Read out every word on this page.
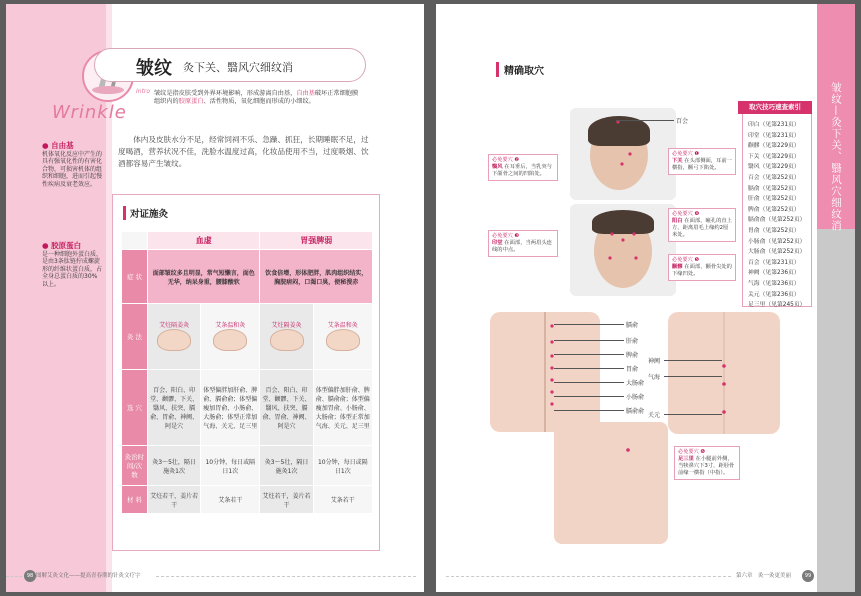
皱纹 灸下关、翳风穴细纹消
Wrinkle
Intro 皱纹是指皮肤受到外界环境影响，形成游离自由基，自由基破坏正常细胞膜组织内的胶原蛋白、活性物质，氧化细胞而形成的小细纹。
● 自由基
机体氧化反应中产生的具有强氧化性的有害化合物，可损害机体的组织和细胞，进而引起慢性疾病及衰老效应。
● 胶原蛋白
是一种细胞外蛋白质，是由3条肽链拧成螺旋形的纤维状蛋白质，占全身总蛋白质的30%以上。
体内及皮肤水分不足，经常饲祠不乐、急躁、抓狂，长期睡眠不足，过度喝酒，营养状况不佳，洗脸水温度过高，化妆品使用不当，过度吸烟、饮酒都容易产生皱纹。
对证施灸
	血虚		胃强脾弱	
症 状	面部皱纹多且明显，常气短懒言，面色无华，纳呆身重，腰膝酸软		饮食倍增，形体肥胖，肌肉组织结实，胸脘痞闷，口渴口臭，便秘溲赤	
灸 法	艾炷隔姜灸	艾条温和灸	艾炷隔姜灸	艾条温和灸

选 穴	百会、阳白、印堂、颧髎、下关、翳风、扶突、膈俞、胃俞、神阙、阿是穴	体型偏胖加肝俞、脾俞、膈俞俞；体型偏瘦加胃俞、小肠俞、大肠俞；体型正常加气海、关元、足三里	百会、阳白、印堂、颧髎、下关、翳风、扶突、膈俞、胃俞、神阙、阿是穴	体型偏胖加肝俞、脾俞、膈俞俞；体型偏瘦加胃俞、小肠俞、大肠俞；体型正常加气海、关元、足三里
灸治时间/次数	灸3～5壮，隔日施灸1次	10分钟，每日或隔日1次	灸3～5壮，隔日施灸1次	10分钟，每日或隔日1次
材 料	艾炷若干，姜片若干	艾条若干	艾炷若干，姜片若干	艾条若干
98 图解艾灸文化——提高青春期的针灸文疗字
皱纹—灸下关、翳风穴细纹消
精确取穴
百会
必免要穴 ❷
翳风 在耳垂后，当乳突与下颌骨之间的凹陷处。
必免要穴 ❶
下关 在头部侧面，耳前一横指，颧弓下陷处。
必免要穴 ❸
印堂 在面部，当两眉头连线的中点。
必免要穴 ❹
阳白 在面部，瞳孔的直上方，距离眉毛上缘约2厘米处。
必免要穴 ❺
颧髎 在面部，颧骨尖处的下缘凹处。
取穴技巧速查索引
印白（见第231页）
印堂（见第231页）
颧髎（见第229页）
下关（见第229页）
翳风（见第229页）
百会（见第252页）
膈俞（见第252页）
肝俞（见第252页）
脾俞（见第252页）
膈俞俞（见第252页）
胃俞（见第252页）
小肠俞（见第252页）
大肠俞（见第252页）
百会（见第231页）
神阙（见第236页）
气海（见第236页）
关元（见第236页）
足三里（见第245页）
膈俞
肝俞
脾俞
胃俞
大肠俞
小肠俞
膈俞俞
神阙
气海
关元
必免要穴 ❻
足三里 在小腿前外侧，当犊鼻穴下3寸，距胫骨前缘一横指（中指）。
第六章　灸一灸更美丽	99
